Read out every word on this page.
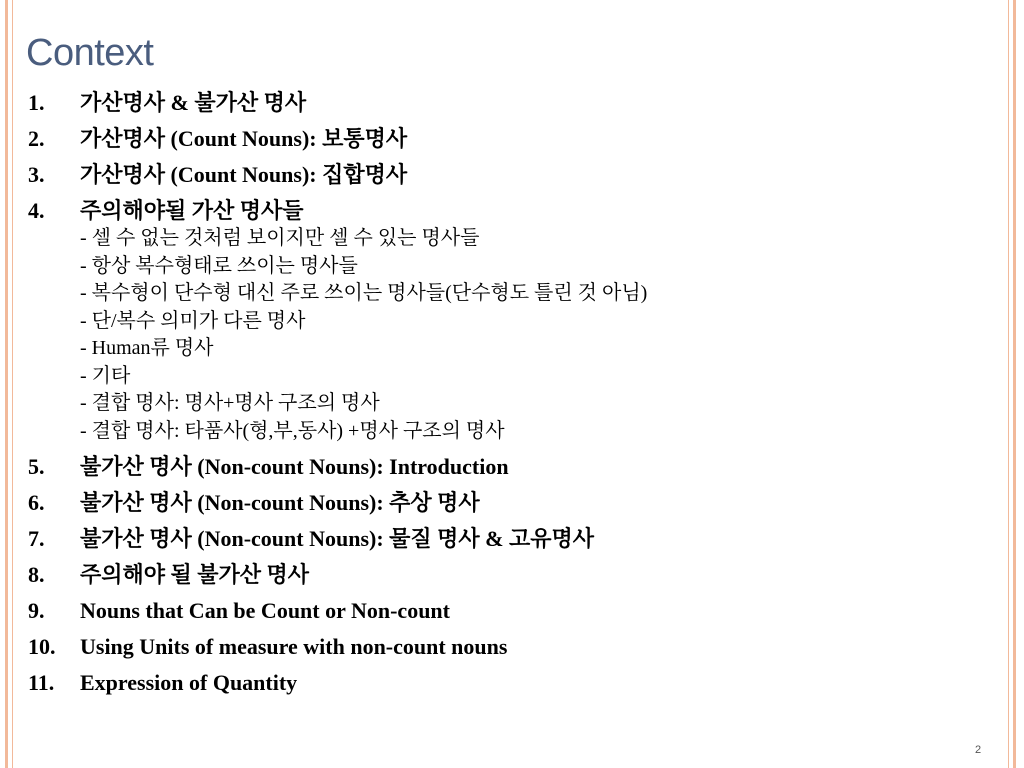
Context
1.	가산명사 & 불가산 명사
2.	가산명사 (Count Nouns): 보통명사
3.	가산명사 (Count Nouns): 집합명사
4.	주의해야될 가산 명사들
- 셀 수 없는 것처럼 보이지만 셀 수 있는 명사들
- 항상 복수형태로 쓰이는 명사들
- 복수형이 단수형 대신 주로 쓰이는 명사들(단수형도 틀린 것 아님)
- 단/복수 의미가 다른 명사
- Human류 명사
- 기타
- 결합 명사: 명사+명사 구조의 명사
- 결합 명사: 타품사(형,부,동사) +명사 구조의 명사
5.	불가산 명사 (Non-count Nouns): Introduction
6.	불가산 명사 (Non-count Nouns): 추상 명사
7.	불가산 명사 (Non-count Nouns): 물질 명사 & 고유명사
8.	주의해야 될 불가산 명사
9.	Nouns that Can be Count or Non-count
10.	Using Units of measure with non-count nouns
11.	Expression of Quantity
2
